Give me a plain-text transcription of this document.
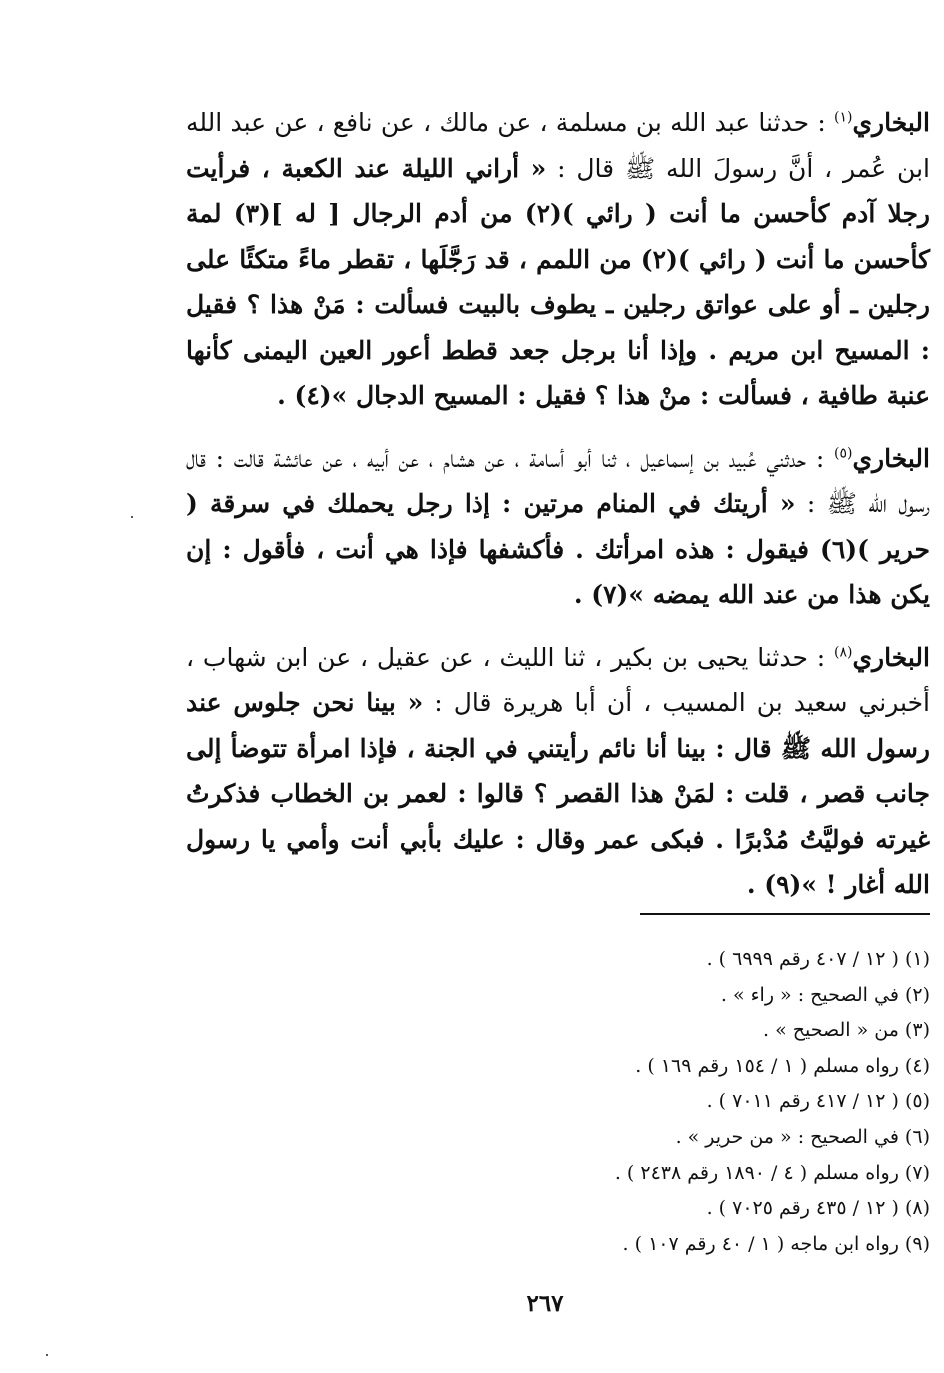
البخاري$^{(١)}$ : حدثنا عبد الله بن مسلمة ، عن مالك ، عن نافع ، عن عبد الله ابن عُمر ، أنَّ رسولَ الله ﷺ قال : « أراني الليلة عند الكعبة ، فرأيت رجلا آدم كأحسن ما أنت ( رائي )(٢) من أدم الرجال [ له ](٣) لمة كأحسن ما أنت ( رائي )(٢) من اللمم ، قد رَجَّلَها ، تقطر ماءً متكئًا على رجلين ـ أو على عواتق رجلين ـ يطوف بالبيت فسألت : مَنْ هذا ؟ فقيل : المسيح ابن مريم . وإذا أنا برجل جعد قطط أعور العين اليمنى كأنها عنبة طافية ، فسألت : منْ هذا ؟ فقيل : المسيح الدجال »(٤) .

البخاري$^{(٥)}$ : حدثني عُبيد بن إسماعيل ، ثنا أبو أسامة ، عن هشام ، عن أبيه ، عن عائشة قالت : قال رسول الله ﷺ : « أريتك في المنام مرتين : إذا رجل يحملك في سرقة ( حرير )(٦) فيقول : هذه امرأتك . فأكشفها فإذا هي أنت ، فأقول : إن يكن هذا من عند الله يمضه »(٧) .

البخاري$^{(٨)}$ : حدثنا يحيى بن بكير ، ثنا الليث ، عن عقيل ، عن ابن شهاب ، أخبرني سعيد بن المسيب ، أن أبا هريرة قال : « بينا نحن جلوس عند رسول الله ﷺ قال : بينا أنا نائم رأيتني في الجنة ، فإذا امرأة تتوضأ إلى جانب قصر ، قلت : لمَنْ هذا القصر ؟ قالوا : لعمر بن الخطاب فذكرتُ غيرته فوليَّتُ مُدْبرًا . فبكى عمر وقال : عليك بأبي أنت وأمي يا رسول الله أغار ! »(٩) .

(١) ( ١٢ / ٤٠٧ رقم ٦٩٩٩ ) .
(٢) في الصحيح : « راء » .
(٣) من « الصحيح » .
(٤) رواه مسلم ( ١ / ١٥٤ رقم ١٦٩ ) .
(٥) ( ١٢ / ٤١٧ رقم ٧٠١١ ) .
(٦) في الصحيح : « من حرير » .
(٧) رواه مسلم ( ٤ / ١٨٩٠ رقم ٢٤٣٨ ) .
(٨) ( ١٢ / ٤٣٥ رقم ٧٠٢٥ ) .
(٩) رواه ابن ماجه ( ١ / ٤٠ رقم ١٠٧ ) .
٢٦٧
